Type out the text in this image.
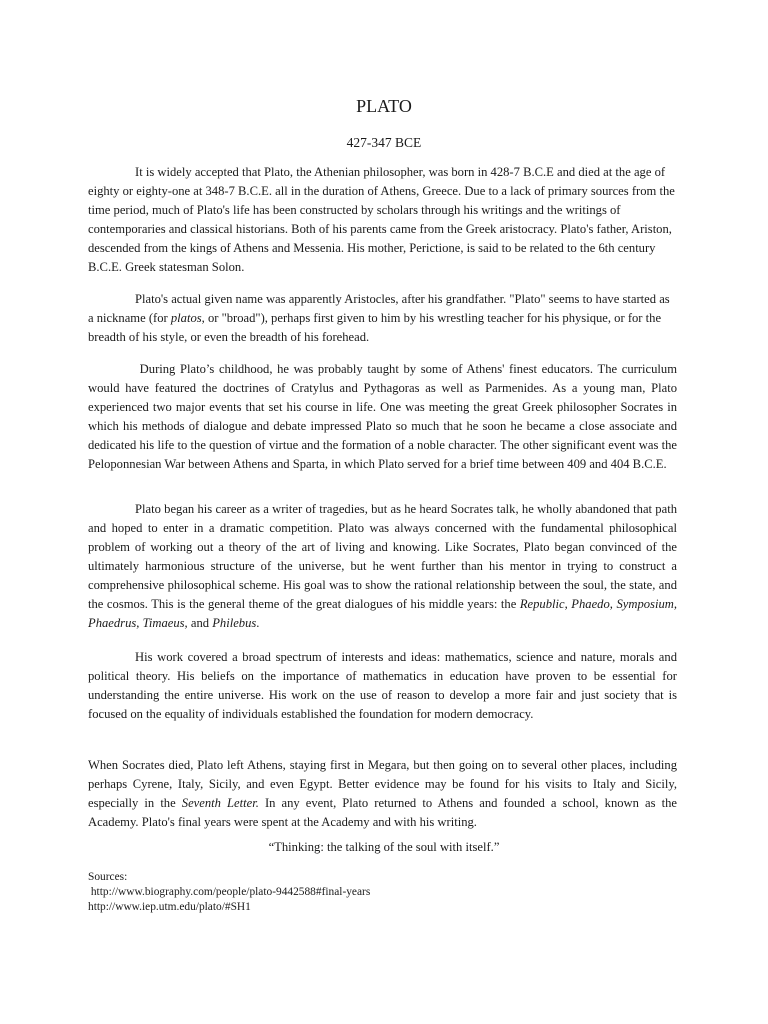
PLATO
427-347 BCE

It is widely accepted that Plato, the Athenian philosopher, was born in 428-7 B.C.E and died at the age of eighty or eighty-one at 348-7 B.C.E. all in the duration of Athens, Greece. Due to a lack of primary sources from the time period, much of Plato's life has been constructed by scholars through his writings and the writings of contemporaries and classical historians. Both of his parents came from the Greek aristocracy. Plato's father, Ariston, descended from the kings of Athens and Messenia. His mother, Perictione, is said to be related to the 6th century B.C.E. Greek statesman Solon.

Plato's actual given name was apparently Aristocles, after his grandfather. "Plato" seems to have started as a nickname (for platos, or "broad"), perhaps first given to him by his wrestling teacher for his physique, or for the breadth of his style, or even the breadth of his forehead.

During Plato’s childhood, he was probably taught by some of Athens' finest educators. The curriculum would have featured the doctrines of Cratylus and Pythagoras as well as Parmenides. As a young man, Plato experienced two major events that set his course in life. One was meeting the great Greek philosopher Socrates in which his methods of dialogue and debate impressed Plato so much that he soon he became a close associate and dedicated his life to the question of virtue and the formation of a noble character. The other significant event was the Peloponnesian War between Athens and Sparta, in which Plato served for a brief time between 409 and 404 B.C.E.

Plato began his career as a writer of tragedies, but as he heard Socrates talk, he wholly abandoned that path and hoped to enter in a dramatic competition. Plato was always concerned with the fundamental philosophical problem of working out a theory of the art of living and knowing. Like Socrates, Plato began convinced of the ultimately harmonious structure of the universe, but he went further than his mentor in trying to construct a comprehensive philosophical scheme. His goal was to show the rational relationship between the soul, the state, and the cosmos. This is the general theme of the great dialogues of his middle years: the Republic, Phaedo, Symposium, Phaedrus, Timaeus, and Philebus.

His work covered a broad spectrum of interests and ideas: mathematics, science and nature, morals and political theory. His beliefs on the importance of mathematics in education have proven to be essential for understanding the entire universe. His work on the use of reason to develop a more fair and just society that is focused on the equality of individuals established the foundation for modern democracy.

When Socrates died, Plato left Athens, staying first in Megara, but then going on to several other places, including perhaps Cyrene, Italy, Sicily, and even Egypt. Better evidence may be found for his visits to Italy and Sicily, especially in the Seventh Letter. In any event, Plato returned to Athens and founded a school, known as the Academy. Plato's final years were spent at the Academy and with his writing.

“Thinking: the talking of the soul with itself.”
Sources:
http://www.biography.com/people/plato-9442588#final-years
http://www.iep.utm.edu/plato/#SH1
